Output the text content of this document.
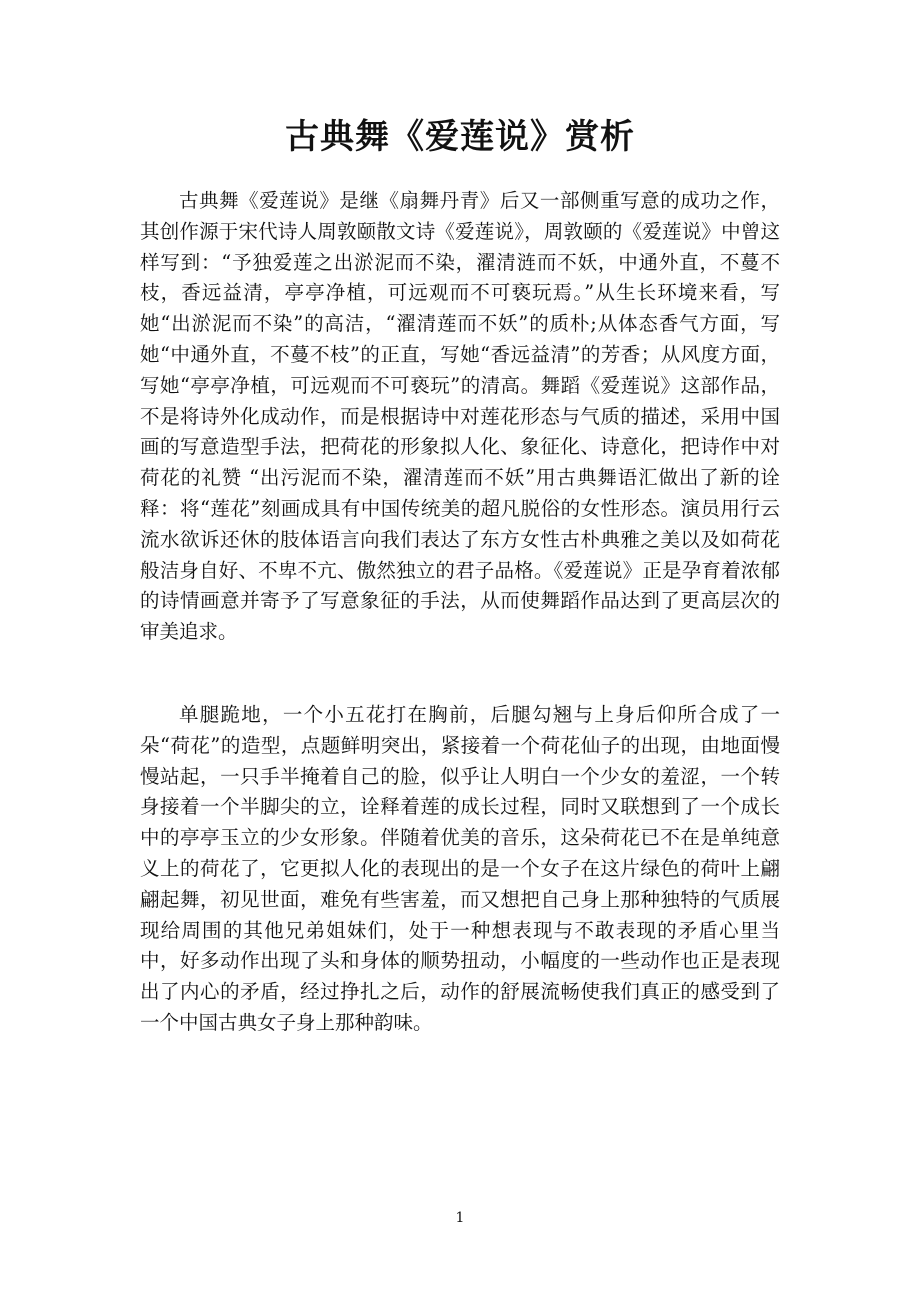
古典舞《爱莲说》赏析

古典舞《爱莲说》是继《扇舞丹青》后又一部侧重写意的成功之作，其创作源于宋代诗人周敦颐散文诗《爱莲说》，周敦颐的《爱莲说》中曾这样写到：“予独爱莲之出淤泥而不染，濯清涟而不妖，中通外直，不蔓不枝，香远益清，亭亭净植，可远观而不可亵玩焉。”从生长环境来看，写她“出淤泥而不染”的高洁，“濯清莲而不妖”的质朴;从体态香气方面，写她“中通外直，不蔓不枝”的正直，写她“香远益清”的芳香；从风度方面，写她“亭亭净植，可远观而不可亵玩”的清高。舞蹈《爱莲说》这部作品，不是将诗外化成动作，而是根据诗中对莲花形态与气质的描述，采用中国画的写意造型手法，把荷花的形象拟人化、象征化、诗意化，把诗作中对荷花的礼赞 “出污泥而不染，濯清莲而不妖”用古典舞语汇做出了新的诠释：将“莲花”刻画成具有中国传统美的超凡脱俗的女性形态。演员用行云流水欲诉还休的肢体语言向我们表达了东方女性古朴典雅之美以及如荷花般洁身自好、不卑不亢、傲然独立的君子品格。《爱莲说》正是孕育着浓郁的诗情画意并寄予了写意象征的手法，从而使舞蹈作品达到了更高层次的审美追求。

单腿跪地，一个小五花打在胸前，后腿勾翘与上身后仰所合成了一朵“荷花”的造型，点题鲜明突出，紧接着一个荷花仙子的出现，由地面慢慢站起，一只手半掩着自己的脸，似乎让人明白一个少女的羞涩，一个转身接着一个半脚尖的立，诠释着莲的成长过程，同时又联想到了一个成长中的亭亭玉立的少女形象。伴随着优美的音乐，这朵荷花已不在是单纯意义上的荷花了，它更拟人化的表现出的是一个女子在这片绿色的荷叶上翩翩起舞，初见世面，难免有些害羞，而又想把自己身上那种独特的气质展现给周围的其他兄弟姐妹们，处于一种想表现与不敢表现的矛盾心里当中，好多动作出现了头和身体的顺势扭动，小幅度的一些动作也正是表现出了内心的矛盾，经过挣扎之后，动作的舒展流畅使我们真正的感受到了一个中国古典女子身上那种韵味。

1
